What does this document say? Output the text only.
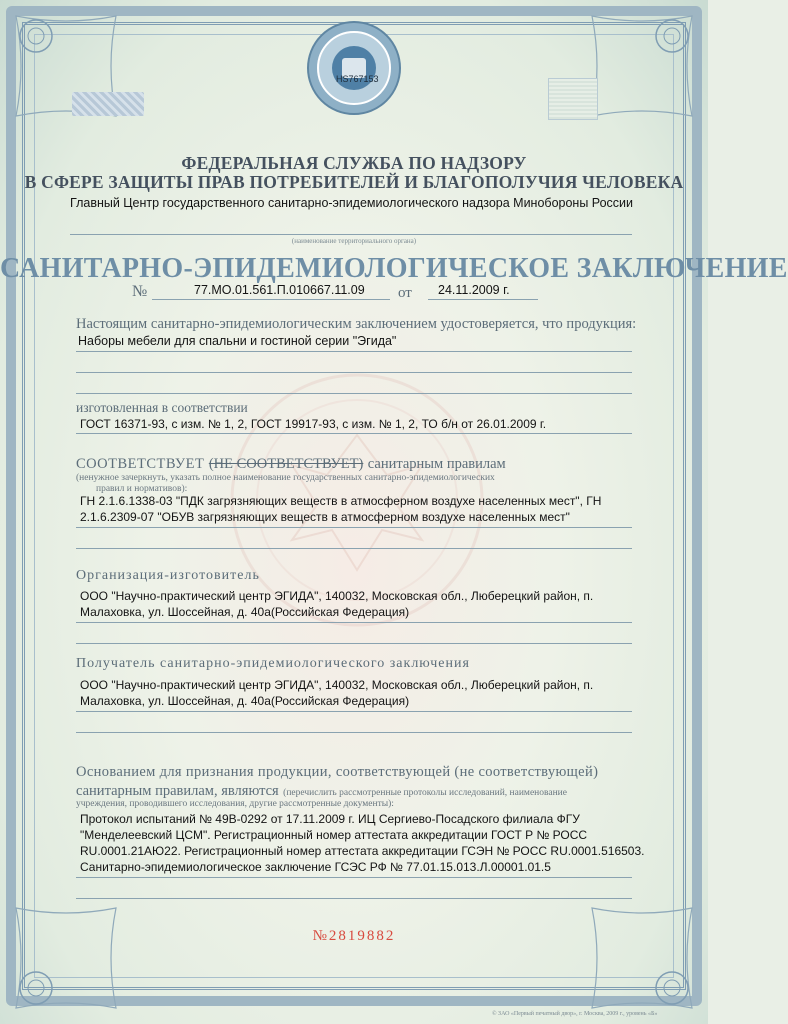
HS767153
ФЕДЕРАЛЬНАЯ СЛУЖБА ПО НАДЗОРУ
В СФЕРЕ ЗАЩИТЫ ПРАВ ПОТРЕБИТЕЛЕЙ И БЛАГОПОЛУЧИЯ ЧЕЛОВЕКА
Главный Центр государственного санитарно-эпидемиологического надзора Минобороны России
(наименование территориального органа)
САНИТАРНО-ЭПИДЕМИОЛОГИЧЕСКОЕ ЗАКЛЮЧЕНИЕ
№	77.МО.01.561.П.010667.11.09 от 24.11.2009 г.
Настоящим санитарно-эпидемиологическим заключением удостоверяется, что продукция:
Наборы мебели для спальни и гостиной серии "Эгида"
изготовленная в соответствии
ГОСТ 16371-93, с изм. № 1, 2, ГОСТ 19917-93, с изм. № 1, 2, ТО б/н от 26.01.2009 г.
СООТВЕТСТВУЕТ (НЕ СООТВЕТСТВУЕТ) санитарным правилам
(ненужное зачеркнуть, указать полное наименование государственных санитарно-эпидемиологических
правил и нормативов):
ГН 2.1.6.1338-03 "ПДК загрязняющих веществ в атмосферном воздухе населенных мест", ГН
2.1.6.2309-07 "ОБУВ загрязняющих веществ в атмосферном воздухе населенных мест"
Организация-изготовитель
ООО "Научно-практический центр ЭГИДА", 140032, Московская обл., Люберецкий район, п.
Малаховка, ул. Шоссейная, д. 40а(Российская Федерация)
Получатель санитарно-эпидемиологического заключения
ООО "Научно-практический центр ЭГИДА", 140032, Московская обл., Люберецкий район, п.
Малаховка, ул. Шоссейная, д. 40а(Российская Федерация)
Основанием для признания продукции, соответствующей (не соответствующей)
санитарным правилам, являются (перечислить рассмотренные протоколы исследований, наименование
учреждения, проводившего исследования, другие рассмотренные документы):
Протокол испытаний № 49В-0292 от 17.11.2009 г. ИЦ Сергиево-Посадского филиала ФГУ
"Менделеевский ЦСМ". Регистрационный номер аттестата аккредитации ГОСТ Р № РОСС
RU.0001.21АЮ22. Регистрационный номер аттестата аккредитации ГСЭН № РОСС RU.0001.516503.
Санитарно-эпидемиологическое заключение ГСЭС РФ № 77.01.15.013.Л.00001.01.5
№2819882
© ЗАО «Первый печатный двор», г. Москва, 2009 г., уровень «Б»
